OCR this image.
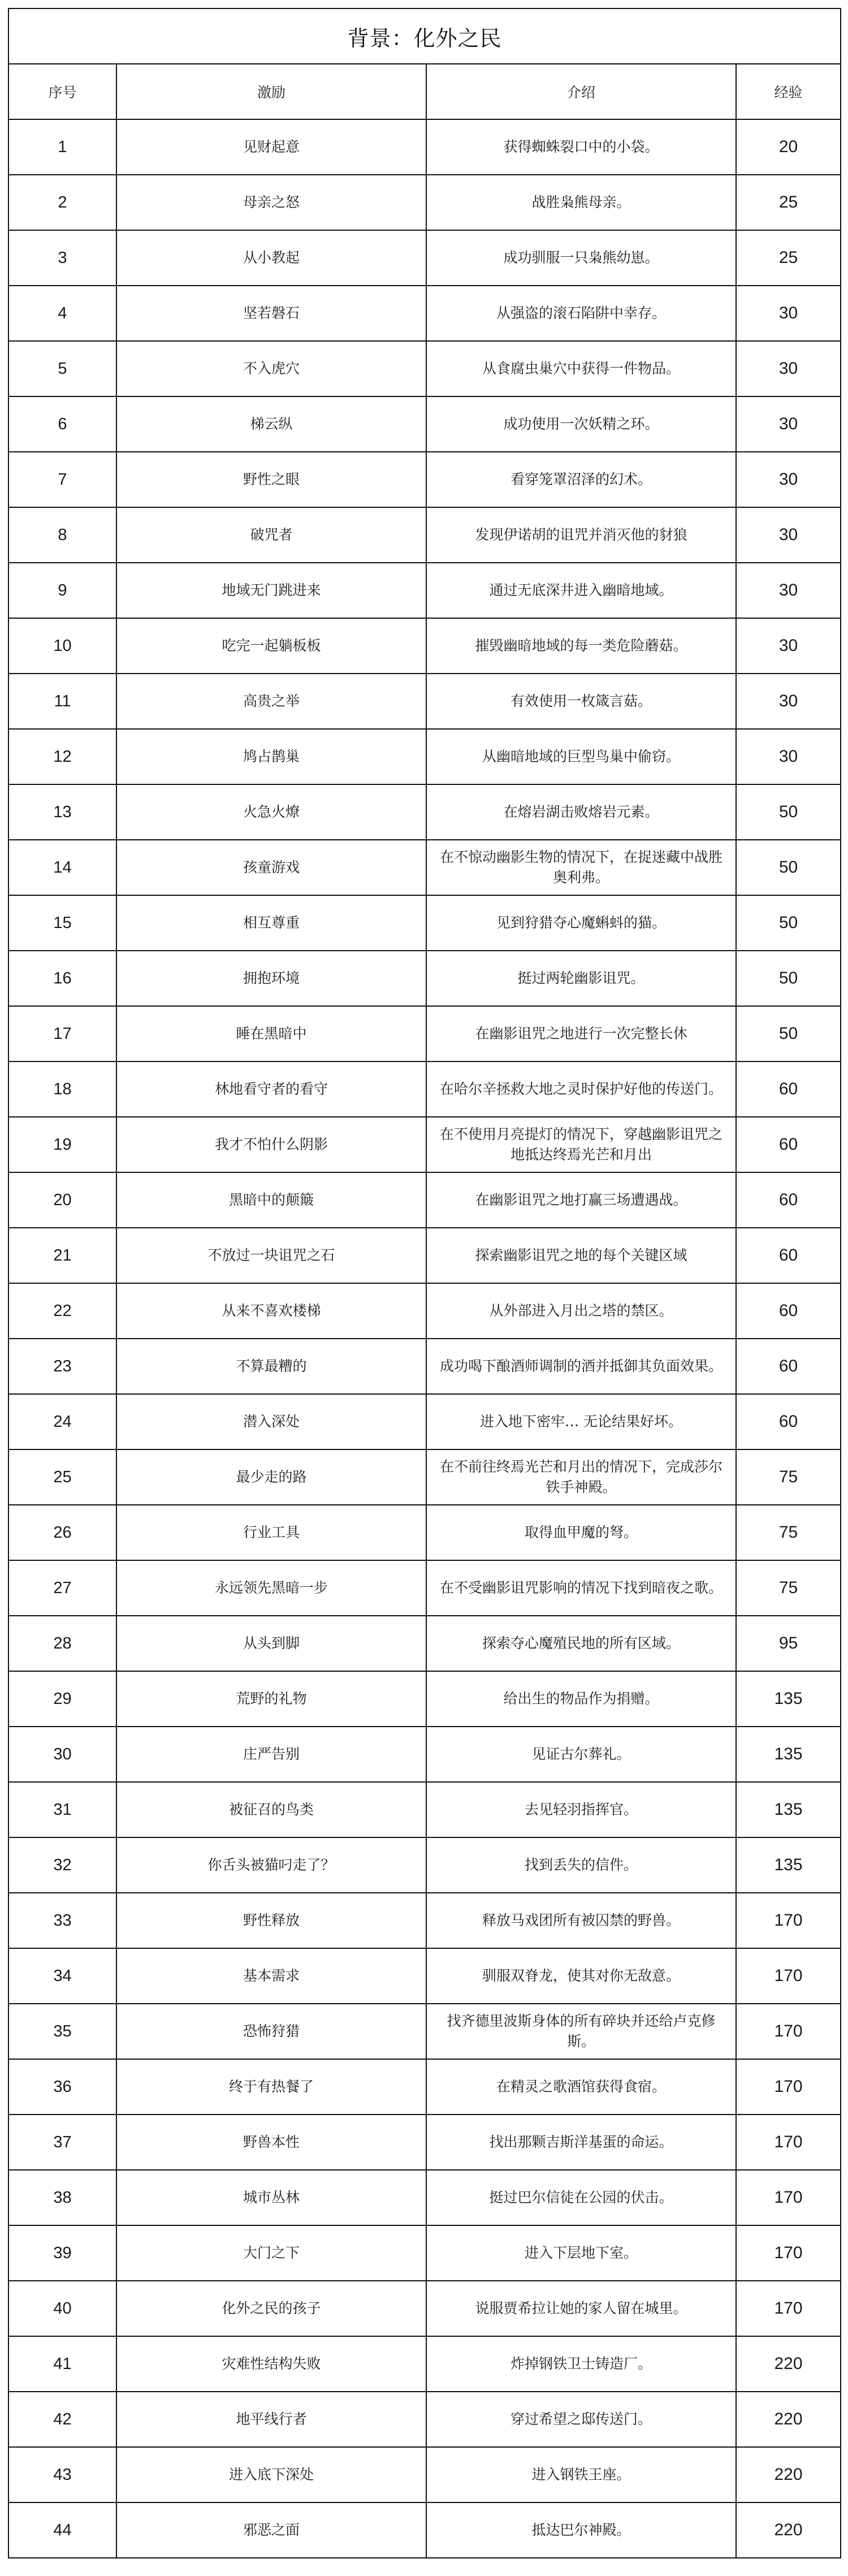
背景：化外之民			
序号	激励	介绍	经验
1	见财起意	获得蜘蛛裂口中的小袋。	20
2	母亲之怒	战胜枭熊母亲。	25
3	从小教起	成功驯服一只枭熊幼崽。	25
4	坚若磐石	从强盗的滚石陷阱中幸存。	30
5	不入虎穴	从食腐虫巢穴中获得一件物品。	30
6	梯云纵	成功使用一次妖精之环。	30
7	野性之眼	看穿笼罩沼泽的幻术。	30
8	破咒者	发现伊诺胡的诅咒并消灭他的豺狼	30
9	地域无门跳进来	通过无底深井进入幽暗地域。	30
10	吃完一起躺板板	摧毁幽暗地域的每一类危险蘑菇。	30
11	高贵之举	有效使用一枚箴言菇。	30
12	鸠占鹊巢	从幽暗地域的巨型鸟巢中偷窃。	30
13	火急火燎	在熔岩湖击败熔岩元素。	50
14	孩童游戏	在不惊动幽影生物的情况下，在捉迷藏中战胜奥利弗。	50
15	相互尊重	见到狩猎夺心魔蝌蚪的猫。	50
16	拥抱环境	挺过两轮幽影诅咒。	50
17	睡在黑暗中	在幽影诅咒之地进行一次完整长休	50
18	林地看守者的看守	在哈尔辛拯救大地之灵时保护好他的传送门。	60
19	我才不怕什么阴影	在不使用月亮提灯的情况下，穿越幽影诅咒之地抵达终焉光芒和月出	60
20	黑暗中的颠簸	在幽影诅咒之地打赢三场遭遇战。	60
21	不放过一块诅咒之石	探索幽影诅咒之地的每个关键区域	60
22	从来不喜欢楼梯	从外部进入月出之塔的禁区。	60
23	不算最糟的	成功喝下酿酒师调制的酒并抵御其负面效果。	60
24	潜入深处	进入地下密牢… 无论结果好坏。	60
25	最少走的路	在不前往终焉光芒和月出的情况下，完成莎尔铁手神殿。	75
26	行业工具	取得血甲魔的弩。	75
27	永远领先黑暗一步	在不受幽影诅咒影响的情况下找到暗夜之歌。	75
28	从头到脚	探索夺心魔殖民地的所有区域。	95
29	荒野的礼物	给出生的物品作为捐赠。	135
30	庄严告别	见证古尔葬礼。	135
31	被征召的鸟类	去见轻羽指挥官。	135
32	你舌头被猫叼走了？	找到丢失的信件。	135
33	野性释放	释放马戏团所有被囚禁的野兽。	170
34	基本需求	驯服双脊龙，使其对你无敌意。	170
35	恐怖狩猎	找齐德里波斯身体的所有碎块并还给卢克修斯。	170
36	终于有热餐了	在精灵之歌酒馆获得食宿。	170
37	野兽本性	找出那颗吉斯洋基蛋的命运。	170
38	城市丛林	挺过巴尔信徒在公园的伏击。	170
39	大门之下	进入下层地下室。	170
40	化外之民的孩子	说服贾希拉让她的家人留在城里。	170
41	灾难性结构失败	炸掉钢铁卫士铸造厂。	220
42	地平线行者	穿过希望之邸传送门。	220
43	进入底下深处	进入钢铁王座。	220
44	邪恶之面	抵达巴尔神殿。	220
